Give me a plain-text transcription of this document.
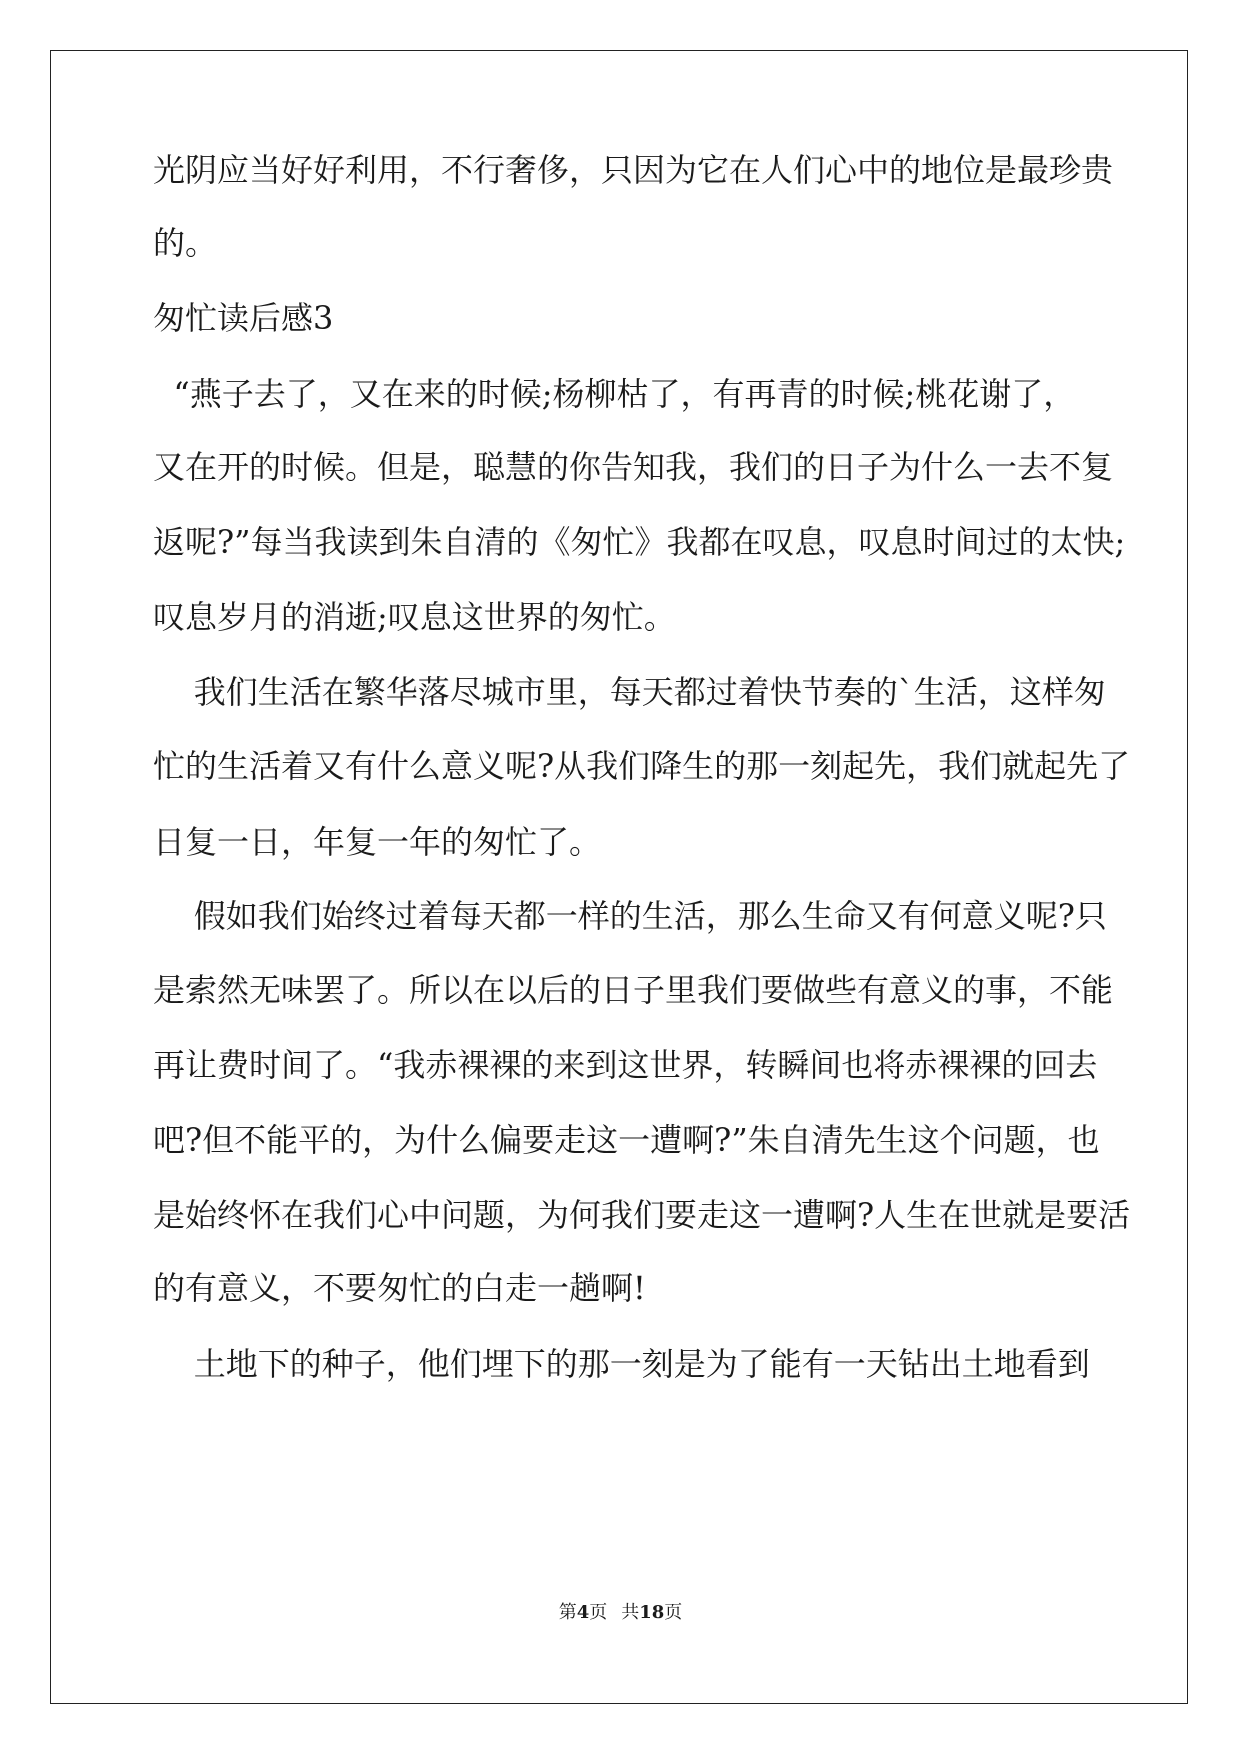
光阴应当好好利用，不行奢侈，只因为它在人们心中的地位是最珍贵
的。
匆忙读后感3
“燕子去了，又在来的时候;杨柳枯了，有再青的时候;桃花谢了，
又在开的时候。但是，聪慧的你告知我，我们的日子为什么一去不复
返呢?”每当我读到朱自清的《匆忙》我都在叹息，叹息时间过的太快;
叹息岁月的消逝;叹息这世界的匆忙。
我们生活在繁华落尽城市里，每天都过着快节奏的`生活，这样匆
忙的生活着又有什么意义呢?从我们降生的那一刻起先，我们就起先了
日复一日，年复一年的匆忙了。
假如我们始终过着每天都一样的生活，那么生命又有何意义呢?只
是索然无味罢了。所以在以后的日子里我们要做些有意义的事，不能
再让费时间了。“我赤裸裸的来到这世界，转瞬间也将赤裸裸的回去
吧?但不能平的，为什么偏要走这一遭啊?”朱自清先生这个问题，也
是始终怀在我们心中问题，为何我们要走这一遭啊?人生在世就是要活
的有意义，不要匆忙的白走一趟啊!
土地下的种子，他们埋下的那一刻是为了能有一天钻出土地看到
第4页 共18页
